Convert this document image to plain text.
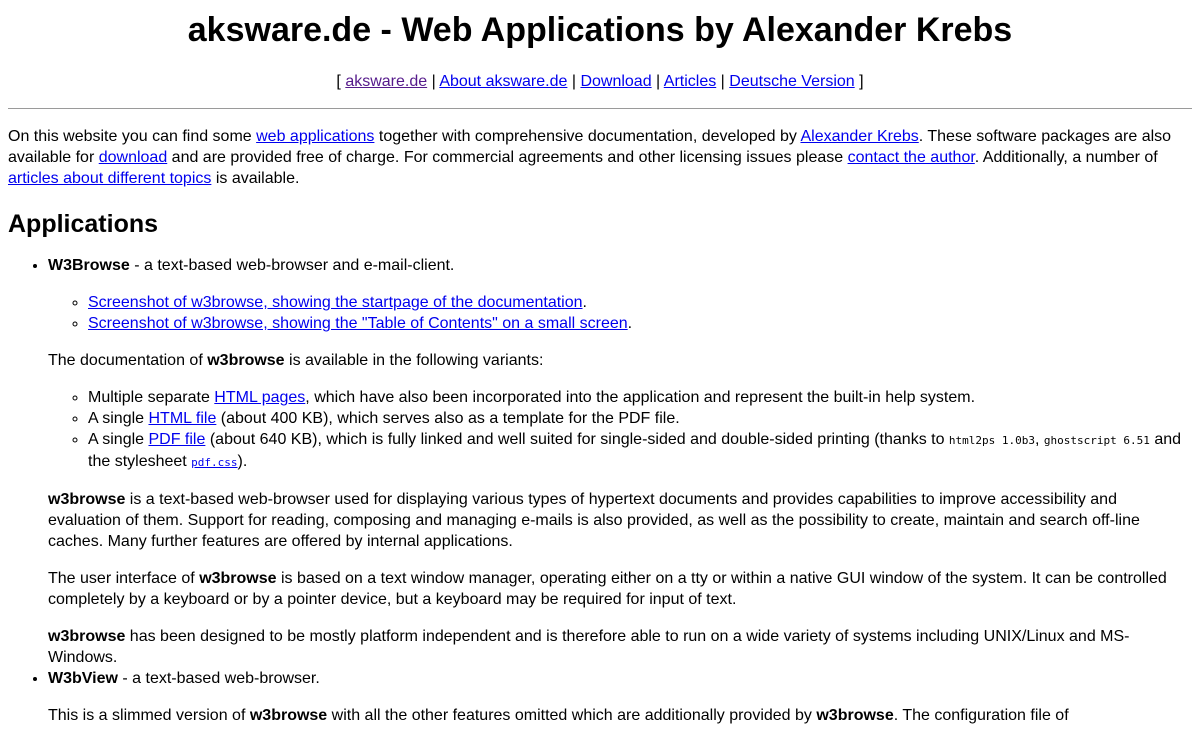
aksware.de - Web Applications by Alexander Krebs
[ aksware.de | About aksware.de | Download | Articles | Deutsche Version ]

On this website you can find some web applications together with comprehensive documentation, developed by Alexander Krebs. These software packages are also available for download and are provided free of charge. For commercial agreements and other licensing issues please contact the author. Additionally, a number of articles about different topics is available.

Applications
• W3Browse - a text-based web-browser and e-mail-client.
◦ Screenshot of w3browse, showing the startpage of the documentation.
◦ Screenshot of w3browse, showing the "Table of Contents" on a small screen.

The documentation of w3browse is available in the following variants:

◦ Multiple separate HTML pages, which have also been incorporated into the application and represent the built-in help system.
◦ A single HTML file (about 400 KB), which serves also as a template for the PDF file.
◦ A single PDF file (about 640 KB), which is fully linked and well suited for single-sided and double-sided printing (thanks to html2ps 1.0b3, ghostscript 6.51 and the stylesheet pdf.css).

w3browse is a text-based web-browser used for displaying various types of hypertext documents and provides capabilities to improve accessibility and evaluation of them. Support for reading, composing and managing e-mails is also provided, as well as the possibility to create, maintain and search off-line caches. Many further features are offered by internal applications.

The user interface of w3browse is based on a text window manager, operating either on a tty or within a native GUI window of the system. It can be controlled completely by a keyboard or by a pointer device, but a keyboard may be required for input of text.

w3browse has been designed to be mostly platform independent and is therefore able to run on a wide variety of systems including UNIX/Linux and MS-Windows.

• W3bView - a text-based web-browser.

This is a slimmed version of w3browse with all the other features omitted which are additionally provided by w3browse. The configuration file of
